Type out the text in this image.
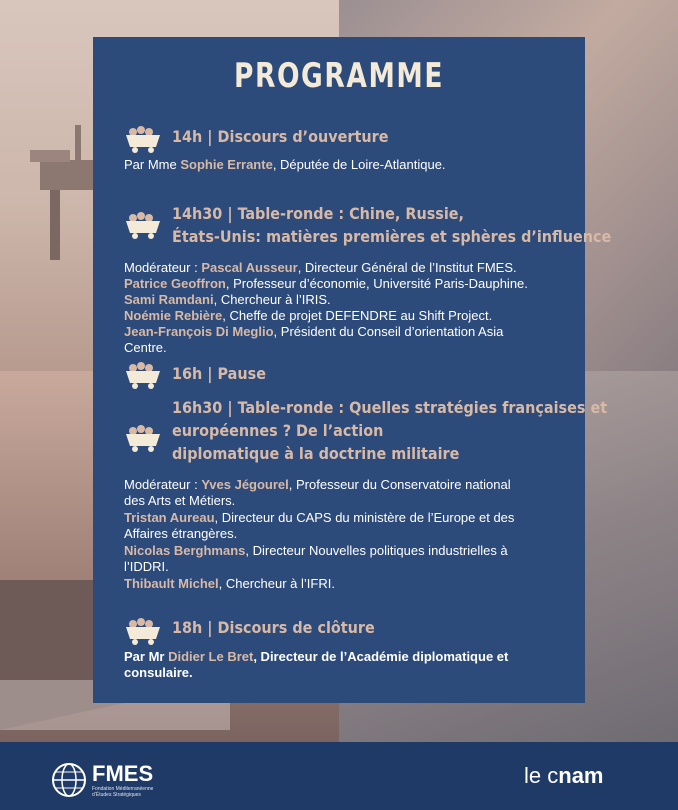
PROGRAMME
14h | Discours d’ouverture
Par Mme Sophie Errante, Députée de Loire-Atlantique.
14h30 | Table-ronde : Chine, Russie,
États-Unis: matières premières et sphères d’influence
Modérateur : Pascal Ausseur, Directeur Général de l’Institut FMES.
Patrice Geoffron, Professeur d’économie, Université Paris-Dauphine.
Sami Ramdani, Chercheur à l’IRIS.
Noémie Rebière, Cheffe de projet DEFENDRE au Shift Project.
Jean-François Di Meglio, Président du Conseil d’orientation Asia
Centre.
16h | Pause
16h30 | Table-ronde : Quelles stratégies françaises et
européennes ? De l’action
diplomatique à la doctrine militaire
Modérateur : Yves Jégourel, Professeur du Conservatoire national
des Arts et Métiers.
Tristan Aureau, Directeur du CAPS du ministère de l’Europe et des
Affaires étrangères.
Nicolas Berghmans, Directeur Nouvelles politiques industrielles à
l’IDDRI.
Thibault Michel, Chercheur à l’IFRI.
18h | Discours de clôture
Par Mr Didier Le Bret, Directeur de l’Académie diplomatique et
consulaire.
FMES
Fondation Méditerranéenne
d’Études Stratégiques
le cnam
